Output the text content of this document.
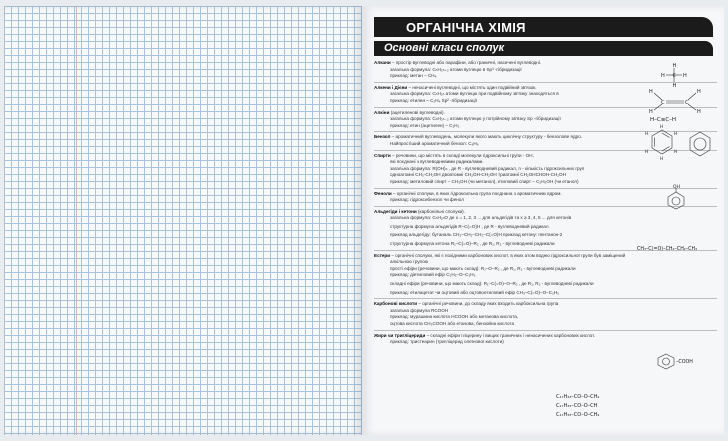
ОРГАНІЧНА ХІМІЯ
Основні класи сполук
Алкани – простір вуглеводні або парафіни, або граничні, насичені вуглеводні.
загальна формула: CₙH₂ₙ₊₂ атоми вуглецю в Sp³ -гібридизації
приклад: метан – CH₄
Алкени і Дієни – ненасичені вуглеводні, що містять один подвійний зв'язок.
загальна формула: CₙH₂ₙ атоми вуглецю при подвійному зв'язку знаходяться в
приклад: етилен – C₂H₄ Sp² -гібридизації
Алкіни (ацетиленові вуглеводні).
загальна формула: CₙH₂ₙ₋₂ атоми вуглецю у потрійному зв'язку Sp -гібридизації
приклад: етин (ацетилен) – C₂H₂
Бензол – ароматичний вуглеводень, молекули якого мають циклічну структуру - бензолове ядро.
Найпростіший ароматичний бензол: C₆H₆
Спирти – речовини, що містять в складі молекули гідроксильні групи - OH,
які поєднані з вуглеводневими радикалами.
загальна формула: R(OH)ₙ , де R - вуглеводневий радикал, n - кількість гідроксильних груп
одноатомні CH₃-CH₂OH двоатомні CH₂OH-CH₂OH триатомні CH₂OHCHOH-CH₂OH
приклад: метиловий спирт – CH₃OH (чи метанол), етиловий спирт – C₂H₅OH (чи етанол)
Феноли – органічні сполуки, в яких гідроксильна група поєднана з ароматичним ядром.
приклад: гідроксибензол чи фенол
Альдегіди і кетони (карбонільні сполуки).
загальна формула: CₙH₂ₙO де x = 1, 2, 3 ... для альдегідів та x ≥ 3, 4, 5 ... для кетонів
структурна формула альдегідів R–C(=O)H , де R - вуглеводневий радикал
приклад альдегіду: бутаналь CH₃–CH₂–CH₂–C(=O)H приклад кетону: пентанон-2
структурна формула кетона R₁–C(=O)–R₂ , де R₁, R₂ - вуглеводневі радикали
Естери – органічні сполуки, які є похідними карбонових кислот, в яких атом водню гідроксильної групи був заміщений
алкільною групою
прості ефіри (речовини, що мають склад): R₁–O–R₂ , де R₁, R₂ - вуглеводневі радикали
приклад: діетиловий ефір C₂H₅–O–C₂H₅
складні ефіри (речовини, що мають склад): R₁–C(=O)–O–R₂ , де R₁, R₂ - вуглеводневі радикали
приклад: етилацетат чи оцтовий або оцтовоетиловий ефір CH₃–C(=O)–O–C₂H₅
Карбонові кислоти – органічні речовини, до складу яких входить карбоксильна група
загальна формула RCOOH
приклад: мурашина кислота HCOOH або метанова кислота,
оцтова кислота CH₃COOH або етанова, бензойна кислота
Жири чи тригліцериди – складні ефіри гліцерину і вищих граничних і ненасичених карбонових кислот.
приклад: тристеарин (тригліцерид олеїнової кислоти)
H
H
H	H
C
C	C
H
H
H
H
H–C≡C–H
H
H
H
H
H
H
OH
CH₃–C(=O)–CH₂–CH₂–CH₃
–COOH
C₁₇H₃₃–CO–O–CH₂
C₁₇H₃₃–CO–O–CH
C₁₇H₃₃–CO–O–CH₂
